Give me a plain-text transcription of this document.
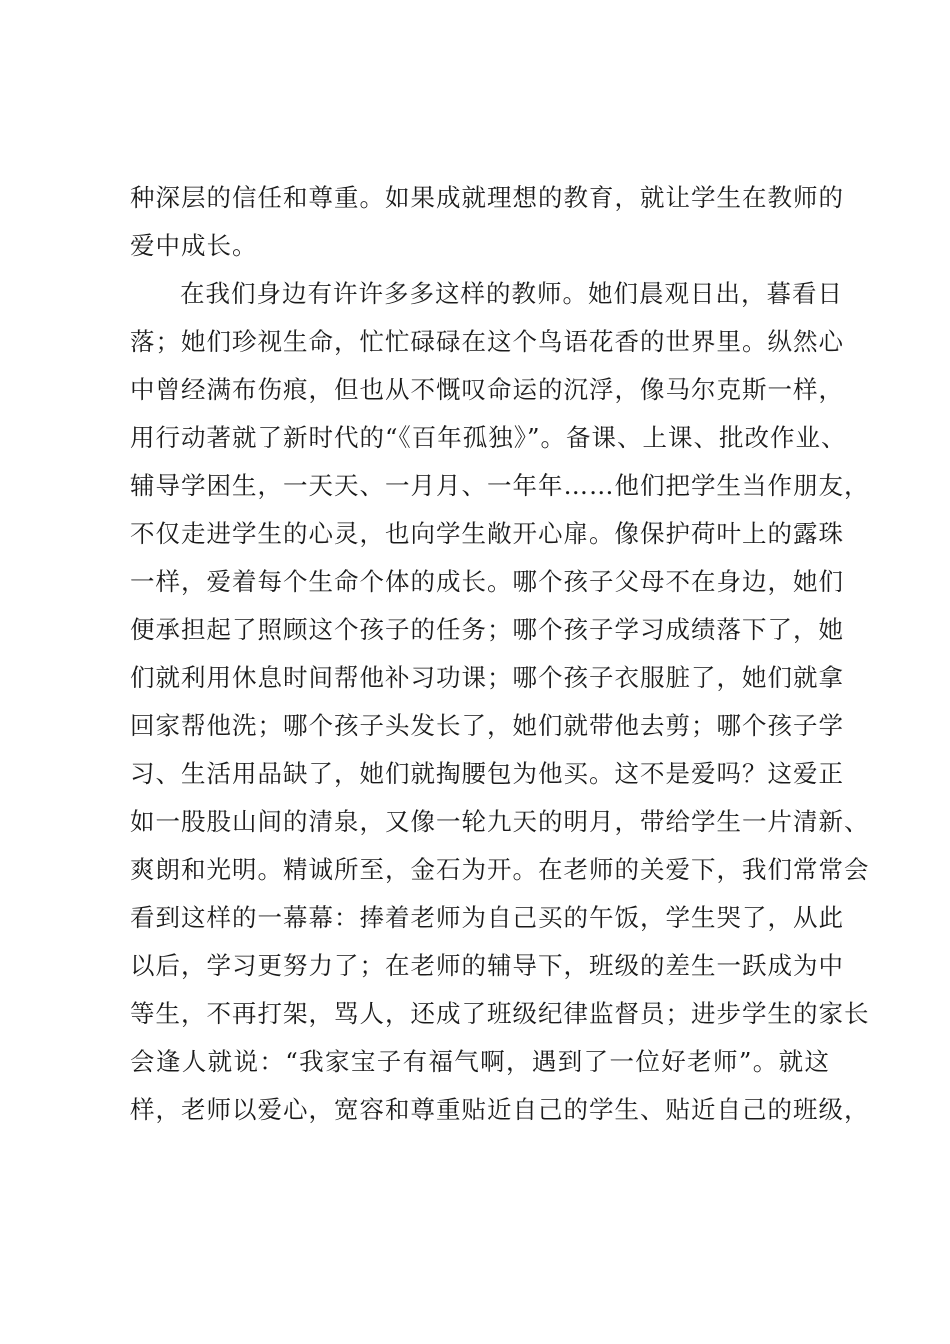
种深层的信任和尊重。如果成就理想的教育，就让学生在教师的
爱中成长。
在我们身边有许许多多这样的教师。她们晨观日出，暮看日
落；她们珍视生命，忙忙碌碌在这个鸟语花香的世界里。纵然心
中曾经满布伤痕，但也从不慨叹命运的沉浮，像马尔克斯一样，
用行动著就了新时代的“《百年孤独》”。备课、上课、批改作业、
辅导学困生，一天天、一月月、一年年……他们把学生当作朋友，
不仅走进学生的心灵，也向学生敞开心扉。像保护荷叶上的露珠
一样，爱着每个生命个体的成长。哪个孩子父母不在身边，她们
便承担起了照顾这个孩子的任务；哪个孩子学习成绩落下了，她
们就利用休息时间帮他补习功课；哪个孩子衣服脏了，她们就拿
回家帮他洗；哪个孩子头发长了，她们就带他去剪；哪个孩子学
习、生活用品缺了，她们就掏腰包为他买。这不是爱吗？这爱正
如一股股山间的清泉，又像一轮九天的明月，带给学生一片清新、
爽朗和光明。精诚所至，金石为开。在老师的关爱下，我们常常会
看到这样的一幕幕：捧着老师为自己买的午饭，学生哭了，从此
以后，学习更努力了；在老师的辅导下，班级的差生一跃成为中
等生，不再打架，骂人，还成了班级纪律监督员；进步学生的家长
会逢人就说：“我家宝子有福气啊，遇到了一位好老师”。就这
样，老师以爱心，宽容和尊重贴近自己的学生、贴近自己的班级，
